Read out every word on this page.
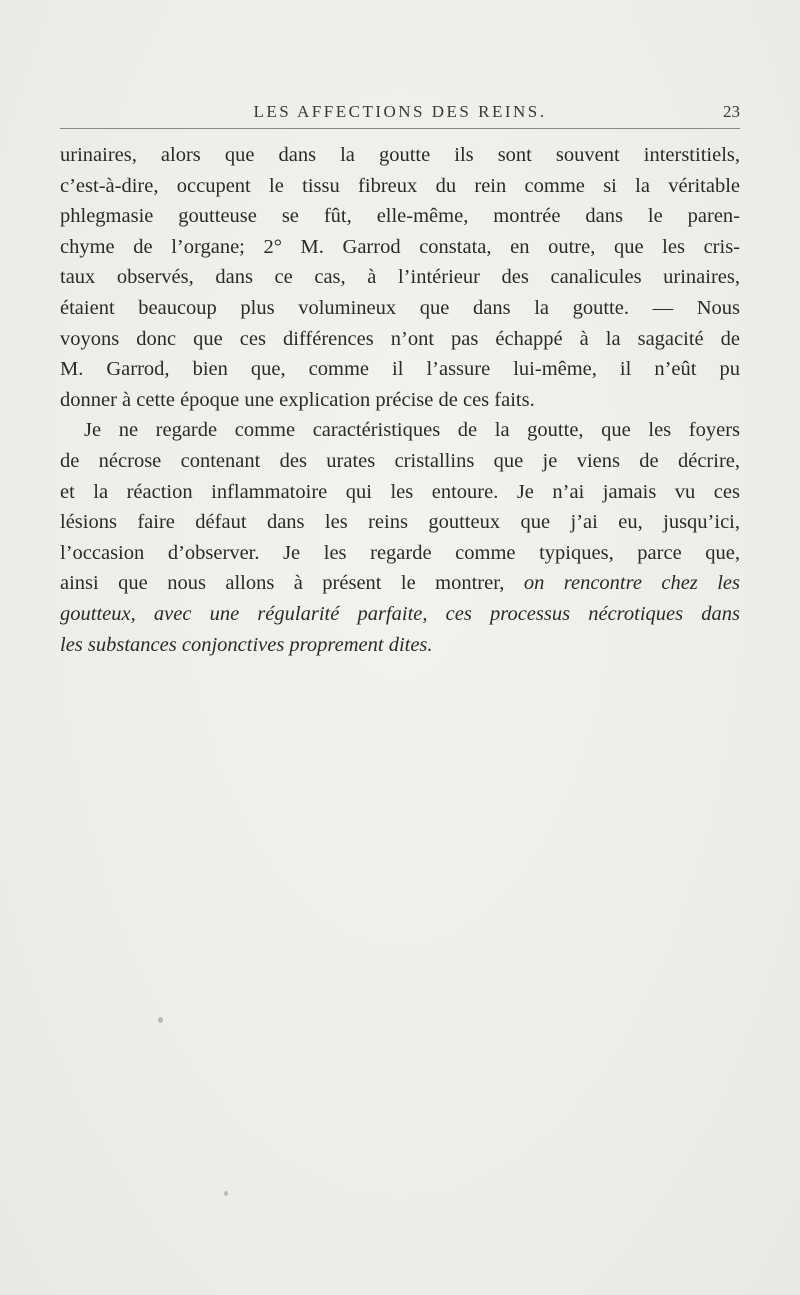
LES AFFECTIONS DES REINS.	23
urinaires, alors que dans la goutte ils sont souvent interstitiels,
c’est-à-dire, occupent le tissu fibreux du rein comme si la véritable
phlegmasie goutteuse se fût, elle-même, montrée dans le paren-
chyme de l’organe; 2° M. Garrod constata, en outre, que les cris-
taux observés, dans ce cas, à l’intérieur des canalicules urinaires,
étaient beaucoup plus volumineux que dans la goutte. — Nous
voyons donc que ces différences n’ont pas échappé à la sagacité de
M. Garrod, bien que, comme il l’assure lui-même, il n’eût pu
donner à cette époque une explication précise de ces faits.
Je ne regarde comme caractéristiques de la goutte, que les foyers
de nécrose contenant des urates cristallins que je viens de décrire,
et la réaction inflammatoire qui les entoure. Je n’ai jamais vu ces
lésions faire défaut dans les reins goutteux que j’ai eu, jusqu’ici,
l’occasion d’observer. Je les regarde comme typiques, parce que,
ainsi que nous allons à présent le montrer, on rencontre chez les
goutteux, avec une régularité parfaite, ces processus nécrotiques dans
les substances conjonctives proprement dites.
